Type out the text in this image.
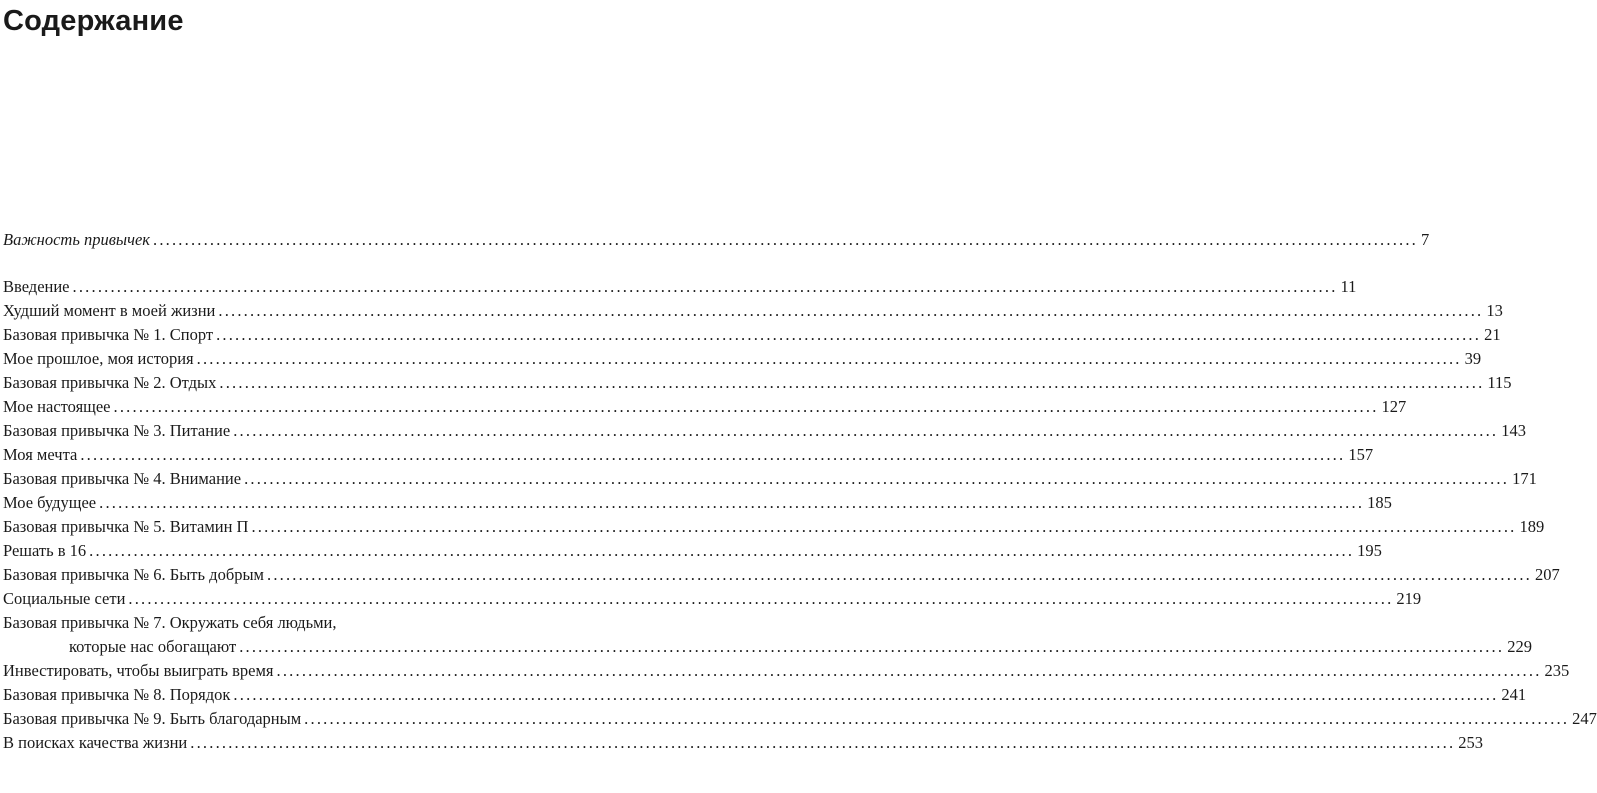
Содержание
Важность привычек ........................................................................................................................................................................................................ 7
Введение ........................................................................................................................................................................................................ 11
Худший момент в моей жизни ........................................................................................................................................................................................................ 13
Базовая привычка № 1. Спорт ........................................................................................................................................................................................................ 21
Мое прошлое, моя история ........................................................................................................................................................................................................ 39
Базовая привычка № 2. Отдых ........................................................................................................................................................................................................ 115
Мое настоящее ........................................................................................................................................................................................................ 127
Базовая привычка № 3. Питание ........................................................................................................................................................................................................ 143
Моя мечта ........................................................................................................................................................................................................ 157
Базовая привычка № 4. Внимание ........................................................................................................................................................................................................ 171
Мое будущее ........................................................................................................................................................................................................ 185
Базовая привычка № 5. Витамин П ........................................................................................................................................................................................................ 189
Решать в 16 ........................................................................................................................................................................................................ 195
Базовая привычка № 6. Быть добрым ........................................................................................................................................................................................................ 207
Социальные сети ........................................................................................................................................................................................................ 219
Базовая привычка № 7. Окружать себя людьми,
которые нас обогащают ........................................................................................................................................................................................................ 229
Инвестировать, чтобы выиграть время ........................................................................................................................................................................................................ 235
Базовая привычка № 8. Порядок ........................................................................................................................................................................................................ 241
Базовая привычка № 9. Быть благодарным ........................................................................................................................................................................................................ 247
В поисках качества жизни ........................................................................................................................................................................................................ 253
